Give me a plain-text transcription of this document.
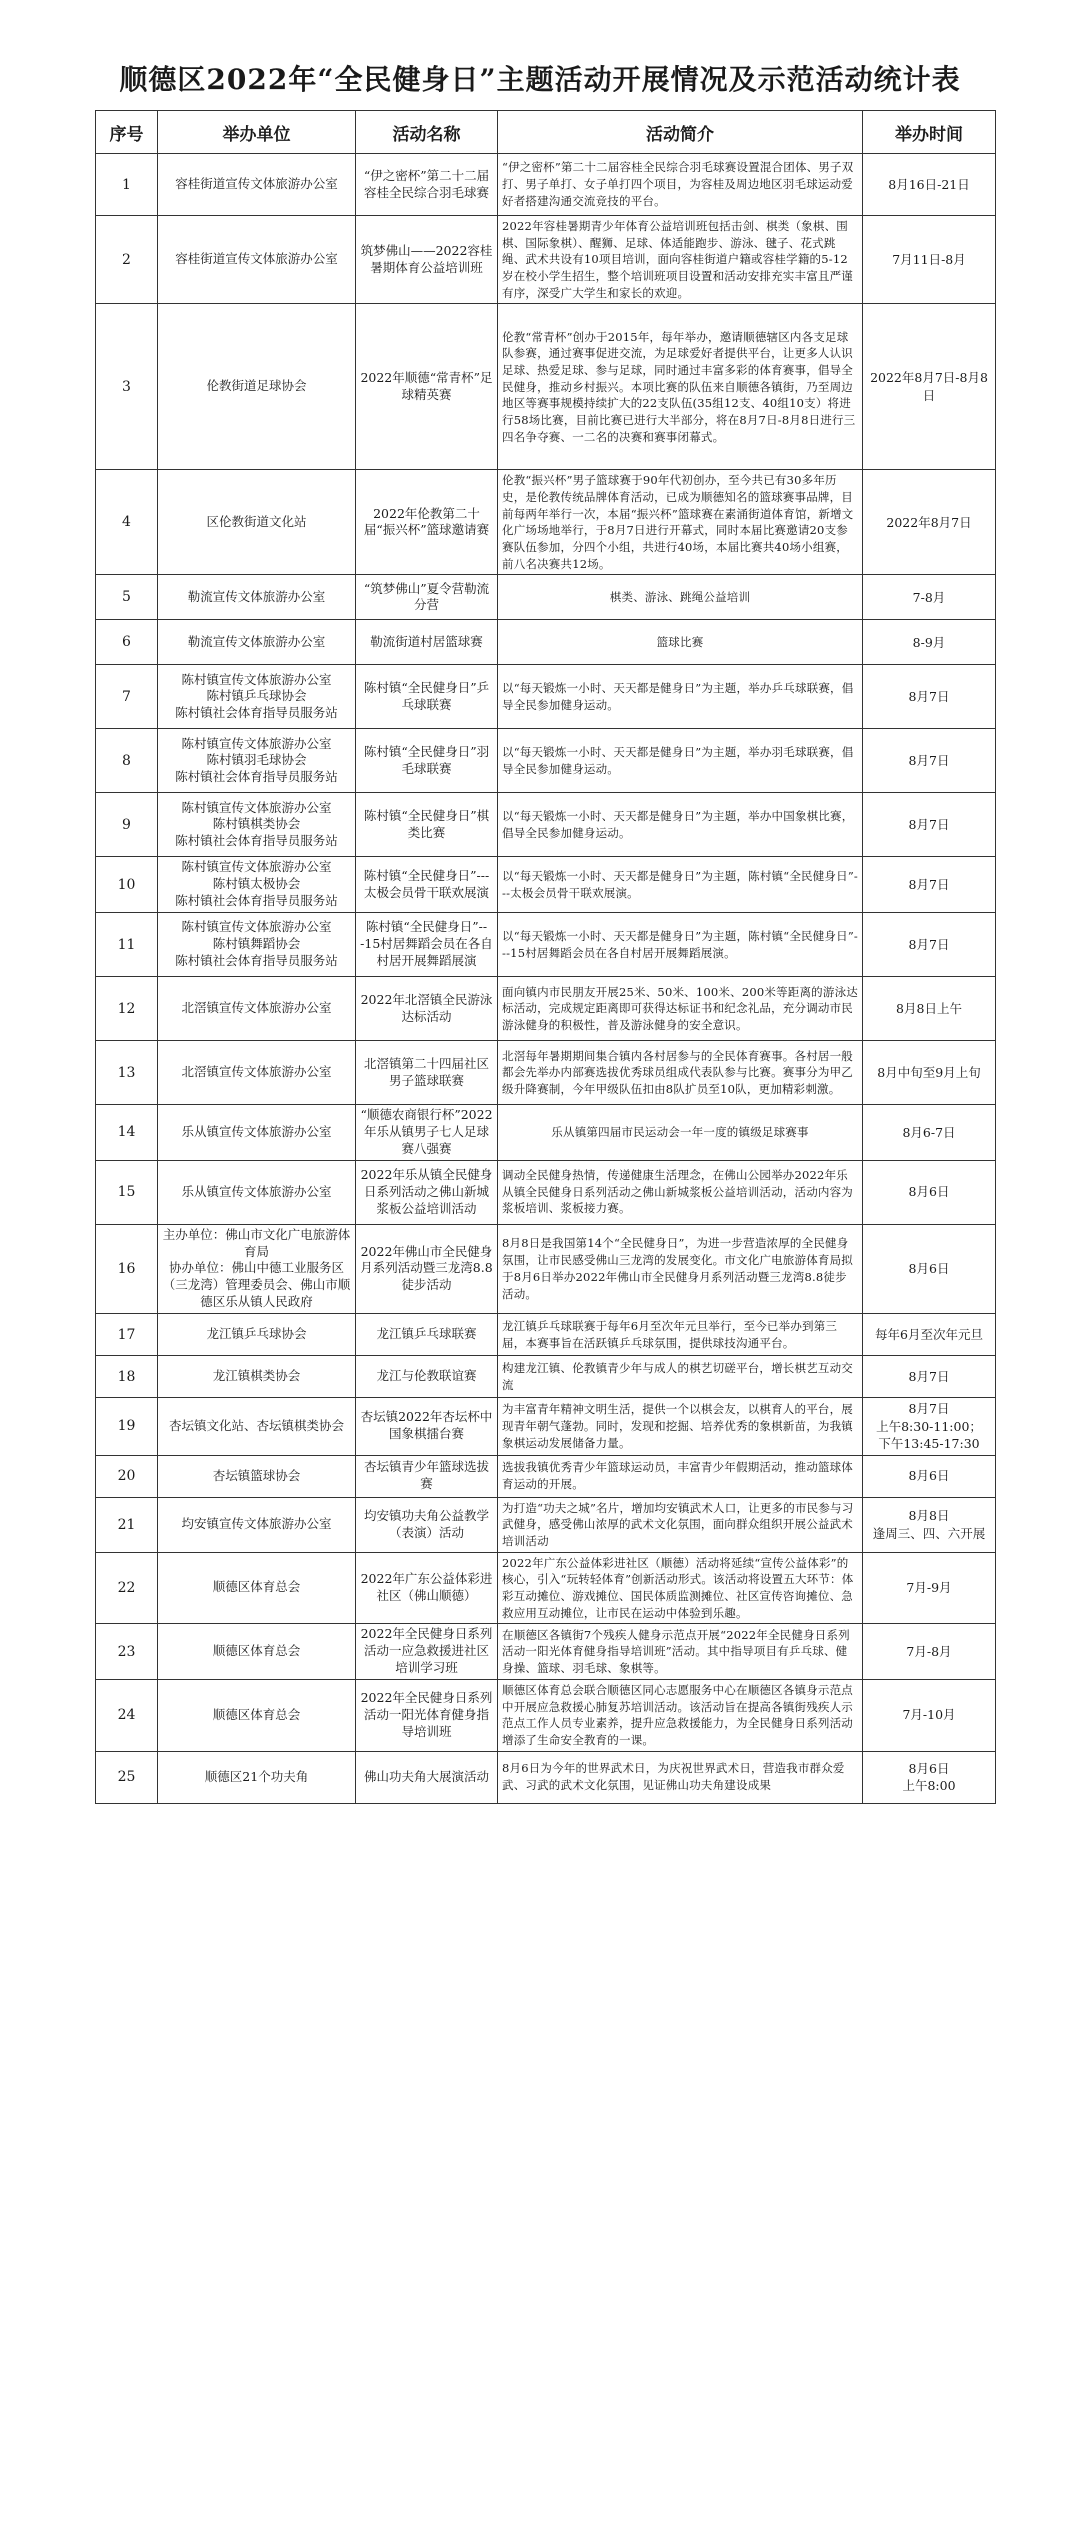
顺德区2022年“全民健身日”主题活动开展情况及示范活动统计表
序号	举办单位	活动名称	活动简介	举办时间
1	容桂街道宣传文体旅游办公室	“伊之密杯”第二十二届容桂全民综合羽毛球赛	“伊之密杯”第二十二届容桂全民综合羽毛球赛设置混合团体、男子双打、男子单打、女子单打四个项目，为容桂及周边地区羽毛球运动爱好者搭建沟通交流竞技的平台。	8月16日-21日
2	容桂街道宣传文体旅游办公室	筑梦佛山——2022容桂暑期体育公益培训班	2022年容桂暑期青少年体育公益培训班包括击剑、棋类（象棋、围棋、国际象棋）、醒狮、足球、体适能跑步、游泳、毽子、花式跳绳、武术共设有10项目培训，面向容桂街道户籍或容桂学籍的5-12岁在校小学生招生，整个培训班项目设置和活动安排充实丰富且严谨有序，深受广大学生和家长的欢迎。	7月11日-8月
3	伦教街道足球协会	2022年顺德“常青杯”足球精英赛	伦教“常青杯”创办于2015年，每年举办，邀请顺德辖区内各支足球队参赛，通过赛事促进交流，为足球爱好者提供平台，让更多人认识足球、热爱足球、参与足球，同时通过丰富多彩的体育赛事，倡导全民健身，推动乡村振兴。本项比赛的队伍来自顺德各镇街，乃至周边地区等赛事规模持续扩大的22支队伍(35组12支、40组10支）将进行58场比赛，目前比赛已进行大半部分，将在8月7日-8月8日进行三四名争夺赛、一二名的决赛和赛事闭幕式。	2022年8月7日-8月8日
4	区伦教街道文化站	2022年伦教第二十届“振兴杯”篮球邀请赛	伦教“振兴杯”男子篮球赛于90年代初创办，至今共已有30多年历史，是伦教传统品牌体育活动，已成为顺德知名的篮球赛事品牌，目前每两年举行一次，本届“振兴杯”篮球赛在素涌街道体育馆，新增文化广场场地举行，于8月7日进行开幕式，同时本届比赛邀请20支参赛队伍参加，分四个小组，共进行40场，本届比赛共40场小组赛，前八名决赛共12场。	2022年8月7日
5	勒流宣传文体旅游办公室	“筑梦佛山”夏令营勒流分营	棋类、游泳、跳绳公益培训	7-8月
6	勒流宣传文体旅游办公室	勒流街道村居篮球赛	篮球比赛	8-9月
7	陈村镇宣传文体旅游办公室
陈村镇乒乓球协会
陈村镇社会体育指导员服务站	陈村镇“全民健身日”乒乓球联赛	以“每天锻炼一小时、天天都是健身日”为主题，举办乒乓球联赛，倡导全民参加健身运动。	8月7日
8	陈村镇宣传文体旅游办公室
陈村镇羽毛球协会
陈村镇社会体育指导员服务站	陈村镇“全民健身日”羽毛球联赛	以“每天锻炼一小时、天天都是健身日”为主题，举办羽毛球联赛，倡导全民参加健身运动。	8月7日
9	陈村镇宣传文体旅游办公室
陈村镇棋类协会
陈村镇社会体育指导员服务站	陈村镇“全民健身日”棋类比赛	以“每天锻炼一小时、天天都是健身日”为主题，举办中国象棋比赛，倡导全民参加健身运动。	8月7日
10	陈村镇宣传文体旅游办公室
陈村镇太极协会
陈村镇社会体育指导员服务站	陈村镇“全民健身日”---太极会员骨干联欢展演	以“每天锻炼一小时、天天都是健身日”为主题，陈村镇“全民健身日”---太极会员骨干联欢展演。	8月7日
11	陈村镇宣传文体旅游办公室
陈村镇舞蹈协会
陈村镇社会体育指导员服务站	陈村镇“全民健身日”---15村居舞蹈会员在各自村居开展舞蹈展演	以“每天锻炼一小时、天天都是健身日”为主题，陈村镇“全民健身日”---15村居舞蹈会员在各自村居开展舞蹈展演。	8月7日
12	北滘镇宣传文体旅游办公室	2022年北滘镇全民游泳达标活动	面向镇内市民朋友开展25米、50米、100米、200米等距离的游泳达标活动，完成规定距离即可获得达标证书和纪念礼品，充分调动市民游泳健身的积极性，普及游泳健身的安全意识。	8月8日上午
13	北滘镇宣传文体旅游办公室	北滘镇第二十四届社区男子篮球联赛	北滘每年暑期期间集合镇内各村居参与的全民体育赛事。各村居一般都会先举办内部赛选拔优秀球员组成代表队参与比赛。赛事分为甲乙级升降赛制，今年甲级队伍扣由8队扩员至10队，更加精彩刺激。	8月中旬至9月上旬
14	乐从镇宣传文体旅游办公室	“顺德农商银行杯”2022年乐从镇男子七人足球赛八强赛	乐从镇第四届市民运动会一年一度的镇级足球赛事	8月6-7日
15	乐从镇宣传文体旅游办公室	2022年乐从镇全民健身日系列活动之佛山新城浆板公益培训活动	调动全民健身热情，传递健康生活理念，在佛山公园举办2022年乐从镇全民健身日系列活动之佛山新城浆板公益培训活动，活动内容为浆板培训、浆板接力赛。	8月6日
16	主办单位：佛山市文化广电旅游体育局
协办单位：佛山中德工业服务区（三龙湾）管理委员会、佛山市顺德区乐从镇人民政府	2022年佛山市全民健身月系列活动暨三龙湾8.8徒步活动	8月8日是我国第14个“全民健身日”，为进一步营造浓厚的全民健身氛围，让市民感受佛山三龙湾的发展变化。市文化广电旅游体育局拟于8月6日举办2022年佛山市全民健身月系列活动暨三龙湾8.8徒步活动。	8月6日
17	龙江镇乒乓球协会	龙江镇乒乓球联赛	龙江镇乒乓球联赛于每年6月至次年元旦举行，至今已举办到第三届，本赛事旨在活跃镇乒乓球氛围，提供球技沟通平台。	每年6月至次年元旦
18	龙江镇棋类协会	龙江与伦教联谊赛	构建龙江镇、伦教镇青少年与成人的棋艺切磋平台，增长棋艺互动交流	8月7日
19	杏坛镇文化站、杏坛镇棋类协会	杏坛镇2022年杏坛杯中国象棋擂台赛	为丰富青年精神文明生活，提供一个以棋会友，以棋育人的平台，展现青年朝气蓬勃。同时，发现和挖掘、培养优秀的象棋新苗，为我镇象棋运动发展储备力量。	8月7日
上午8:30-11:00；
下午13:45-17:30
20	杏坛镇篮球协会	杏坛镇青少年篮球选拔赛	选拔我镇优秀青少年篮球运动员，丰富青少年假期活动，推动篮球体育运动的开展。	8月6日
21	均安镇宣传文体旅游办公室	均安镇功夫角公益教学（表演）活动	为打造“功夫之城”名片，增加均安镇武术人口，让更多的市民参与习武健身，感受佛山浓厚的武术文化氛围，面向群众组织开展公益武术培训活动	8月8日
逢周三、四、六开展
22	顺德区体育总会	2022年广东公益体彩进社区（佛山顺德）	2022年广东公益体彩进社区（顺德）活动将延续“宣传公益体彩”的核心，引入“玩转轻体育”创新活动形式。该活动将设置五大环节：体彩互动摊位、游戏摊位、国民体质监测摊位、社区宣传咨询摊位、急救应用互动摊位，让市民在运动中体验到乐趣。	7月-9月
23	顺德区体育总会	2022年全民健身日系列活动一应急救援进社区培训学习班	在顺德区各镇街7个残疾人健身示范点开展“2022年全民健身日系列活动一阳光体育健身指导培训班”活动。其中指导项目有乒乓球、健身操、篮球、羽毛球、象棋等。	7月-8月
24	顺德区体育总会	2022年全民健身日系列活动一阳光体育健身指导培训班	顺德区体育总会联合顺德区同心志愿服务中心在顺德区各镇身示范点中开展应急救援心肺复苏培训活动。该活动旨在提高各镇街残疾人示范点工作人员专业素养，提升应急救援能力，为全民健身日系列活动增添了生命安全教育的一课。	7月-10月
25	顺德区21个功夫角	佛山功夫角大展演活动	8月6日为今年的世界武术日，为庆祝世界武术日，营造我市群众爱武、习武的武术文化氛围，见证佛山功夫角建设成果	8月6日
上午8:00
